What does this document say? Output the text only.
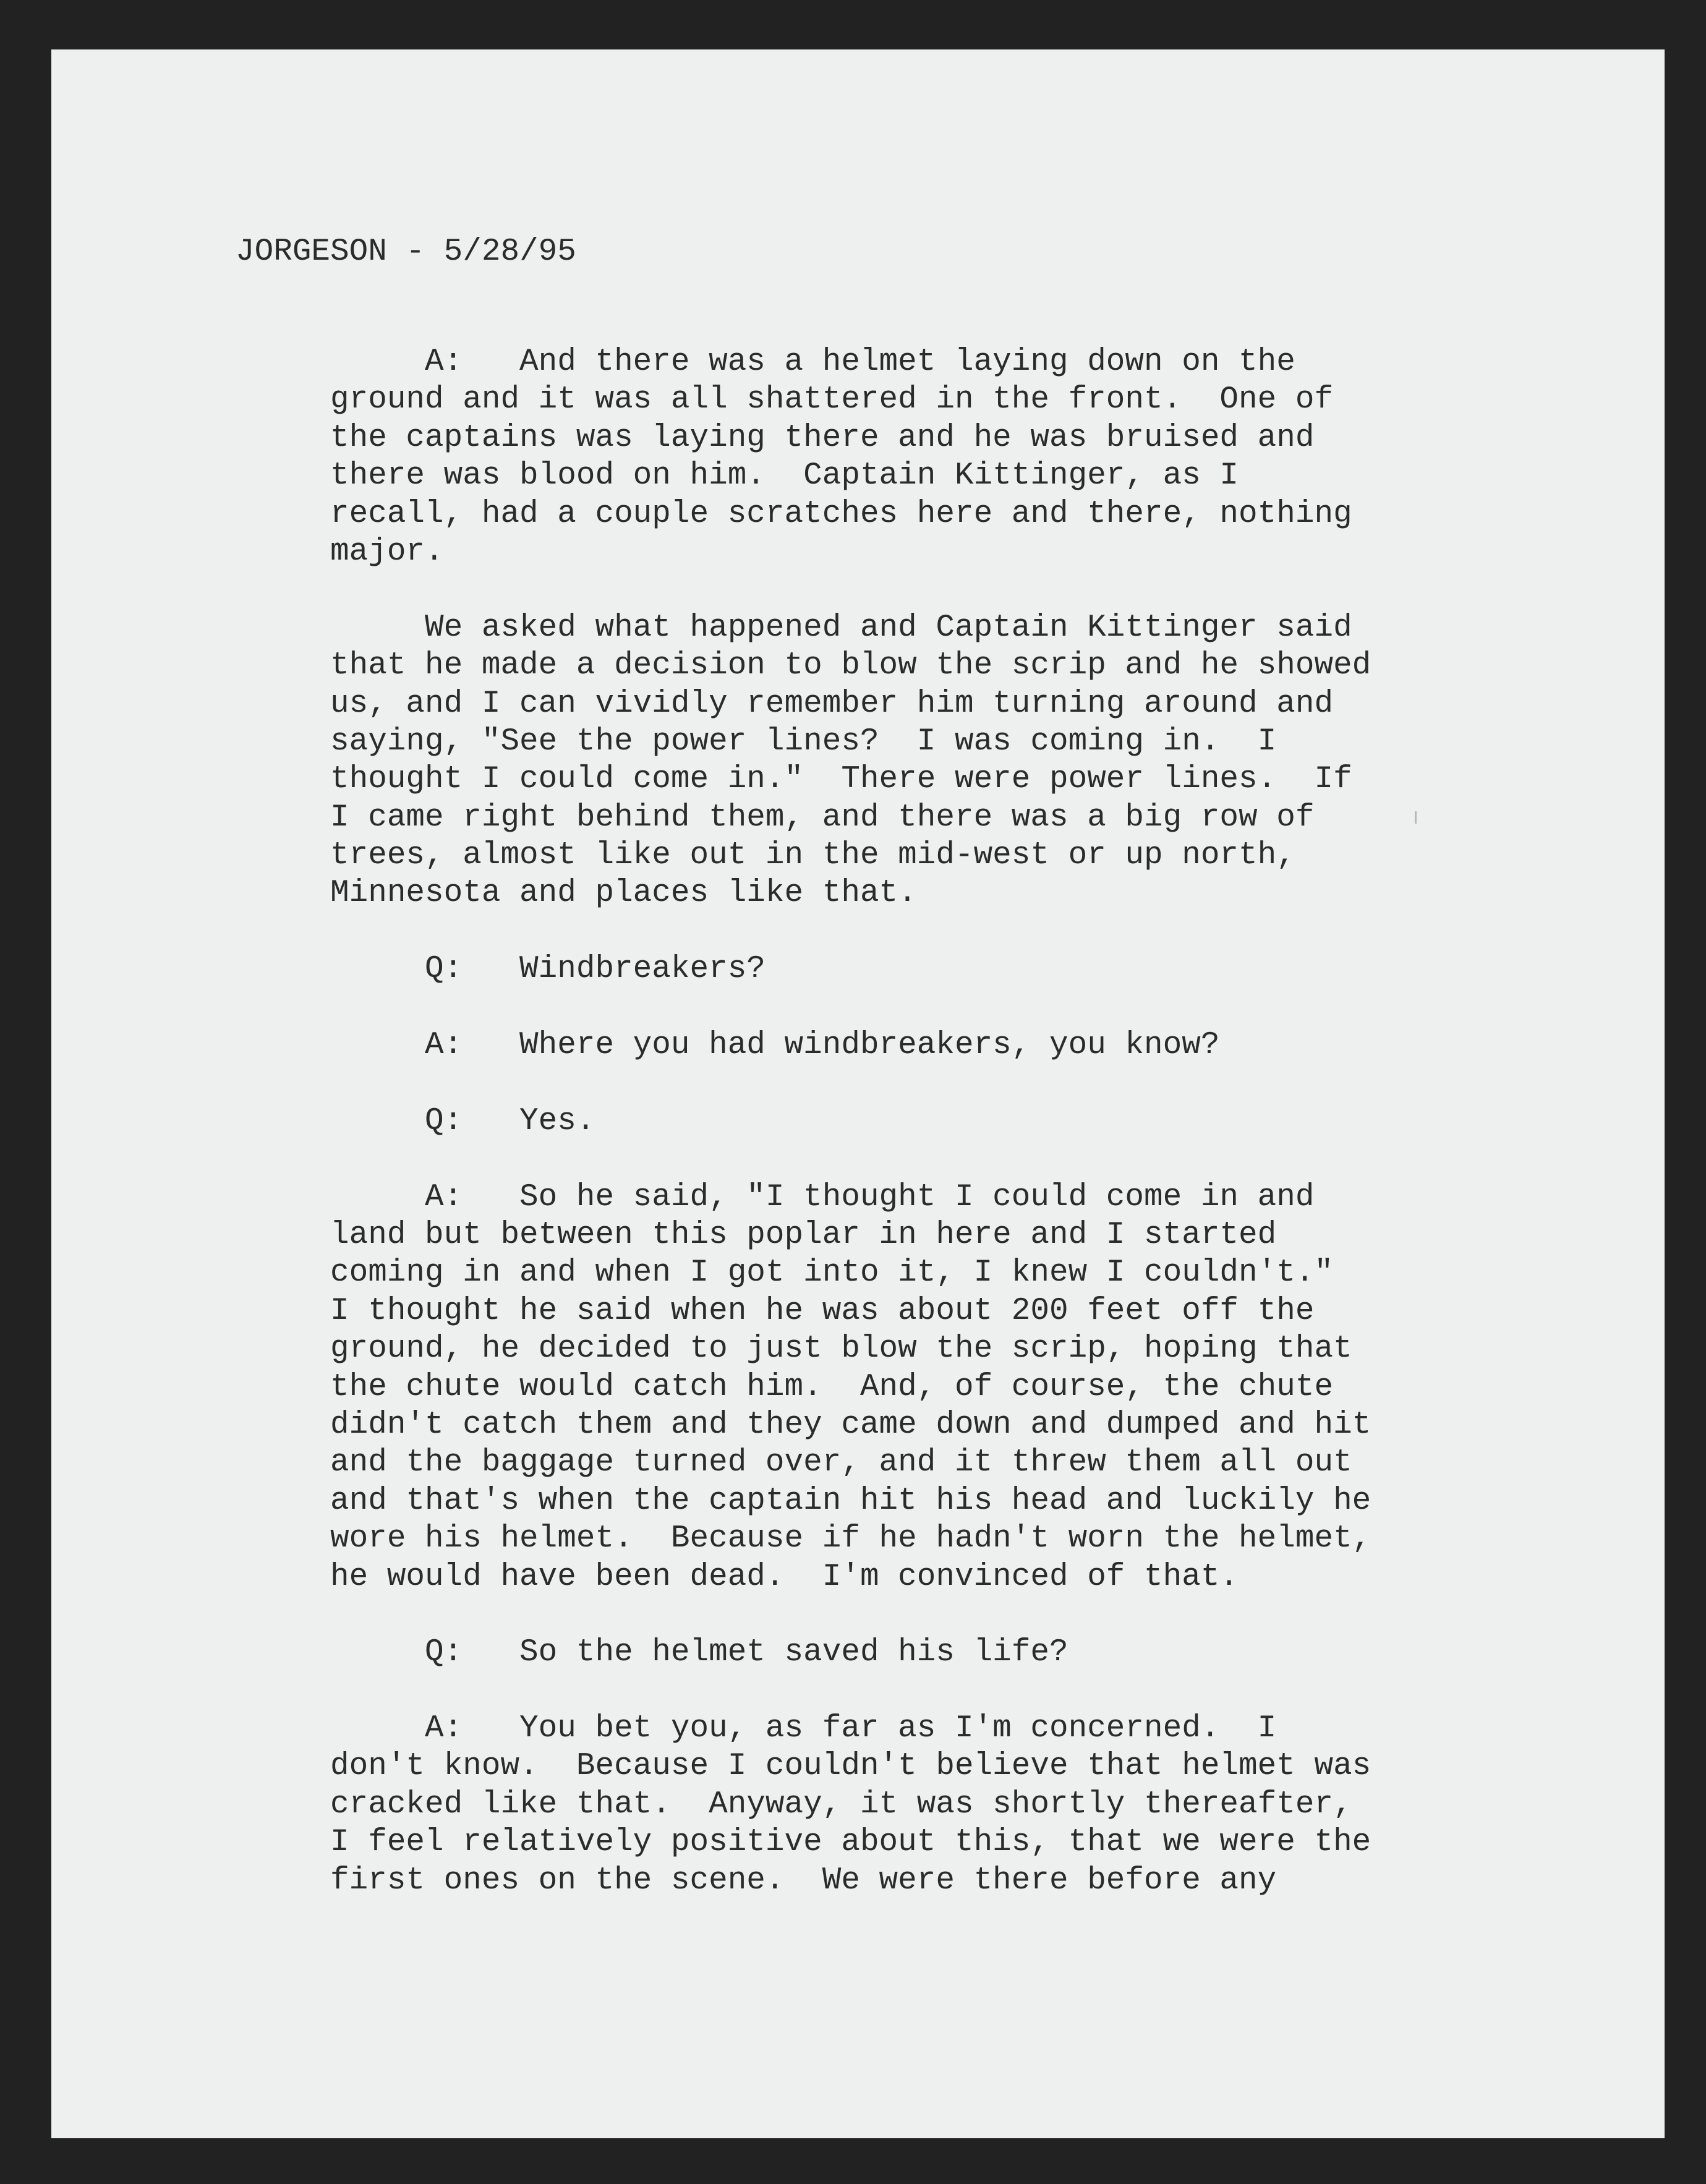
JORGESON - 5/28/95
A:   And there was a helmet laying down on the
ground and it was all shattered in the front.  One of
the captains was laying there and he was bruised and
there was blood on him.  Captain Kittinger, as I
recall, had a couple scratches here and there, nothing
major.
We asked what happened and Captain Kittinger said
that he made a decision to blow the scrip and he showed
us, and I can vividly remember him turning around and
saying, "See the power lines?  I was coming in.  I
thought I could come in."  There were power lines.  If
I came right behind them, and there was a big row of
trees, almost like out in the mid-west or up north,
Minnesota and places like that.
Q:   Windbreakers?
A:   Where you had windbreakers, you know?
Q:   Yes.
A:   So he said, "I thought I could come in and
land but between this poplar in here and I started
coming in and when I got into it, I knew I couldn't."
I thought he said when he was about 200 feet off the
ground, he decided to just blow the scrip, hoping that
the chute would catch him.  And, of course, the chute
didn't catch them and they came down and dumped and hit
and the baggage turned over, and it threw them all out
and that's when the captain hit his head and luckily he
wore his helmet.  Because if he hadn't worn the helmet,
he would have been dead.  I'm convinced of that.
Q:   So the helmet saved his life?
A:   You bet you, as far as I'm concerned.  I
don't know.  Because I couldn't believe that helmet was
cracked like that.  Anyway, it was shortly thereafter,
I feel relatively positive about this, that we were the
first ones on the scene.  We were there before any
